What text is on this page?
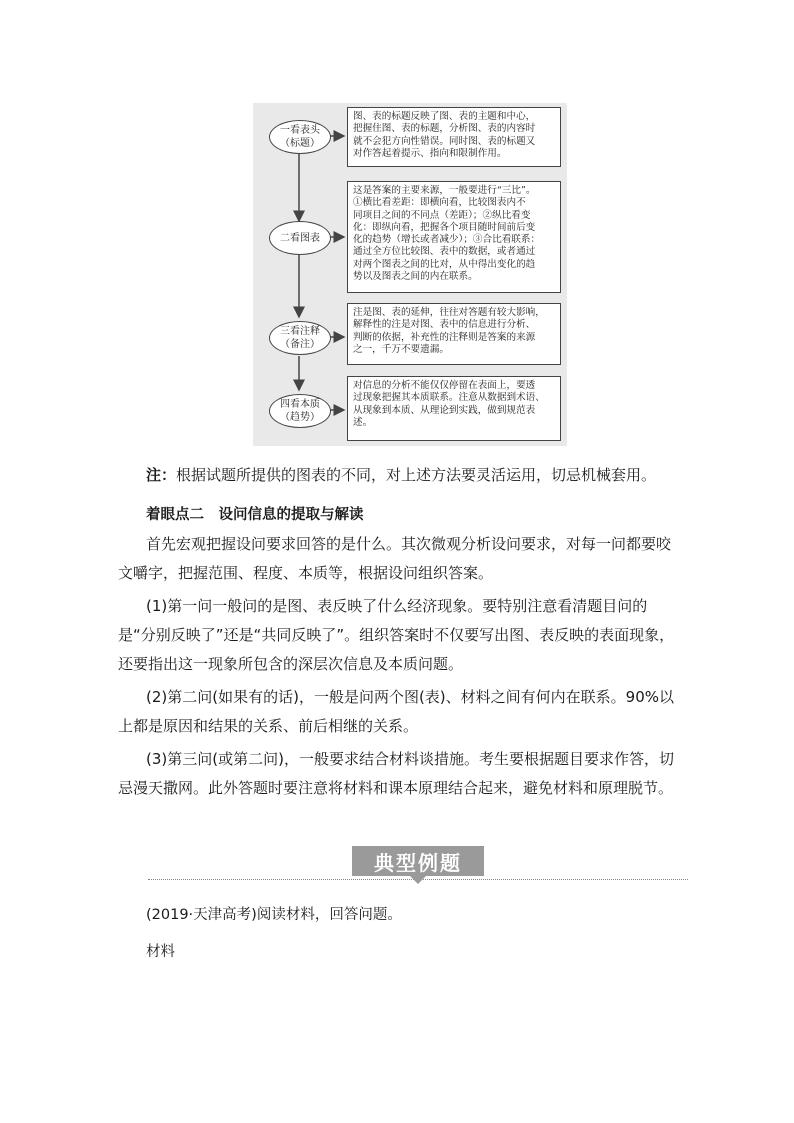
一看表头
（标题）
二看图表
三看注释
（备注）
四看本质
（趋势）
图、表的标题反映了图、表的主题和中心，
把握住图、表的标题，分析图、表的内容时
就不会犯方向性错误。同时图、表的标题又
对作答起着提示、指向和限制作用。
这是答案的主要来源，一般要进行“三比”。
①横比看差距：即横向看，比较图表内不
同项目之间的不同点（差距）；②纵比看变
化：即纵向看，把握各个项目随时间前后变
化的趋势（增长或者减少）；③合比看联系：
通过全方位比较图、表中的数据，或者通过
对两个图表之间的比对，从中得出变化的趋
势以及图表之间的内在联系。
注是图、表的延伸，往往对答题有较大影响，
解释性的注是对图、表中的信息进行分析、
判断的依据，补充性的注释则是答案的来源
之一，千万不要遗漏。
对信息的分析不能仅仅停留在表面上，要透
过现象把握其本质联系。注意从数据到术语、
从现象到本质、从理论到实践，做到规范表
述。
注：根据试题所提供的图表的不同，对上述方法要灵活运用，切忌机械套用。
着眼点二　设问信息的提取与解读

首先宏观把握设问要求回答的是什么。其次微观分析设问要求，对每一问都要咬文嚼字，把握范围、程度、本质等，根据设问组织答案。

(1)第一问一般问的是图、表反映了什么经济现象。要特别注意看清题目问的是“分别反映了”还是“共同反映了”。组织答案时不仅要写出图、表反映的表面现象，还要指出这一现象所包含的深层次信息及本质问题。

(2)第二问(如果有的话)，一般是问两个图(表)、材料之间有何内在联系。90%以上都是原因和结果的关系、前后相继的关系。

(3)第三问(或第二问)，一般要求结合材料谈措施。考生要根据题目要求作答，切忌漫天撒网。此外答题时要注意将材料和课本原理结合起来，避免材料和原理脱节。

典型例题
(2019·天津高考)阅读材料，回答问题。
材料
